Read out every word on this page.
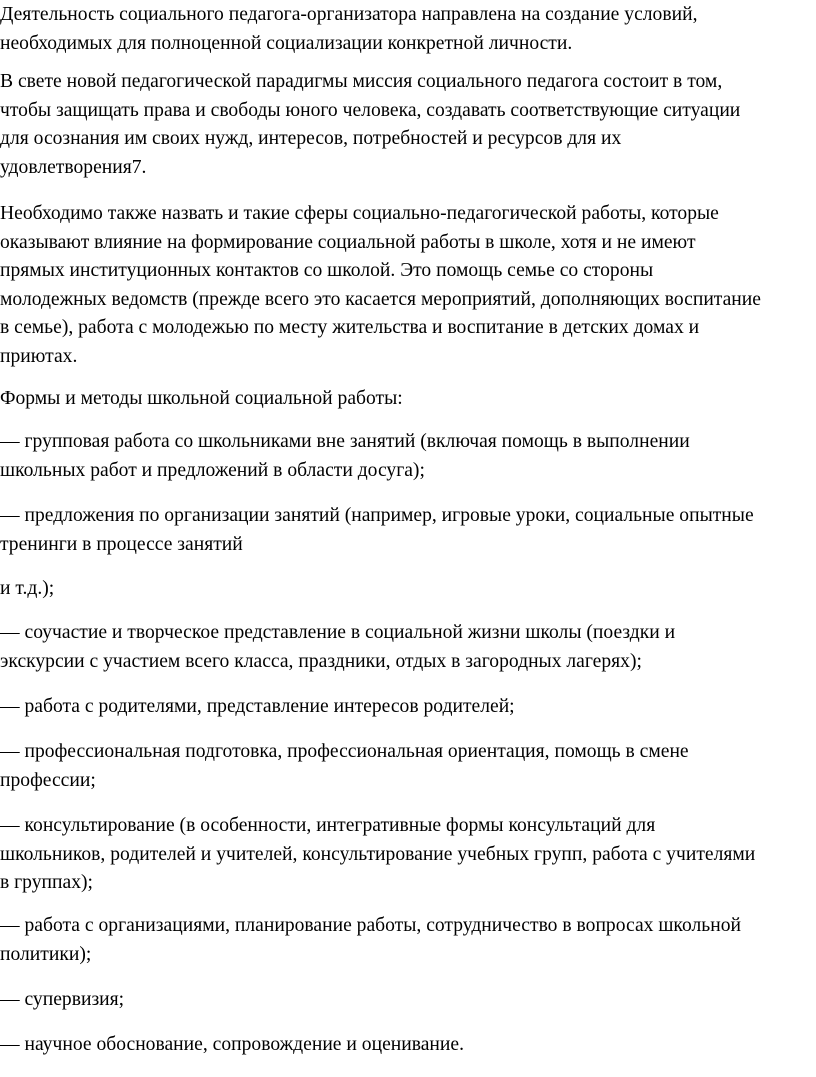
Деятельность социального педагога-организатора направлена на создание условий,
необходимых для полноценной социализации конкретной личности.

В свете новой педагогической парадигмы миссия социального педагога состоит в том,
чтобы защищать права и свободы юного человека, создавать соответствующие ситуации
для осознания им своих нужд, интересов, потребностей и ресурсов для их
удовлетворения7.

Необходимо также назвать и такие сферы социально-педагогической работы, которые
оказывают влияние на формирование социальной работы в школе, хотя и не имеют
прямых институционных контактов со школой. Это помощь семье со стороны
молодежных ведомств (прежде всего это касается мероприятий, дополняющих воспитание
в семье), работа с молодежью по месту жительства и воспитание в детских домах и
приютах.

Формы и методы школьной социальной работы:

— групповая работа со школьниками вне занятий (включая помощь в выполнении
школьных работ и предложений в области досуга);

— предложения по организации занятий (например, игровые уроки, социальные опытные
тренинги в процессе занятий

и т.д.);

— соучастие и творческое представление в социальной жизни школы (поездки и
экскурсии с участием всего класса, праздники, отдых в загородных лагерях);

— работа с родителями, представление интересов родителей;

— профессиональная подготовка, профессиональная ориентация, помощь в смене
профессии;

— консультирование (в особенности, интегративные формы консультаций для
школьников, родителей и учителей, консультирование учебных групп, работа с учителями
в группах);

— работа с организациями, планирование работы, сотрудничество в вопросах школьной
политики);

— супервизия;

— научное обоснование, сопровождение и оценивание.
